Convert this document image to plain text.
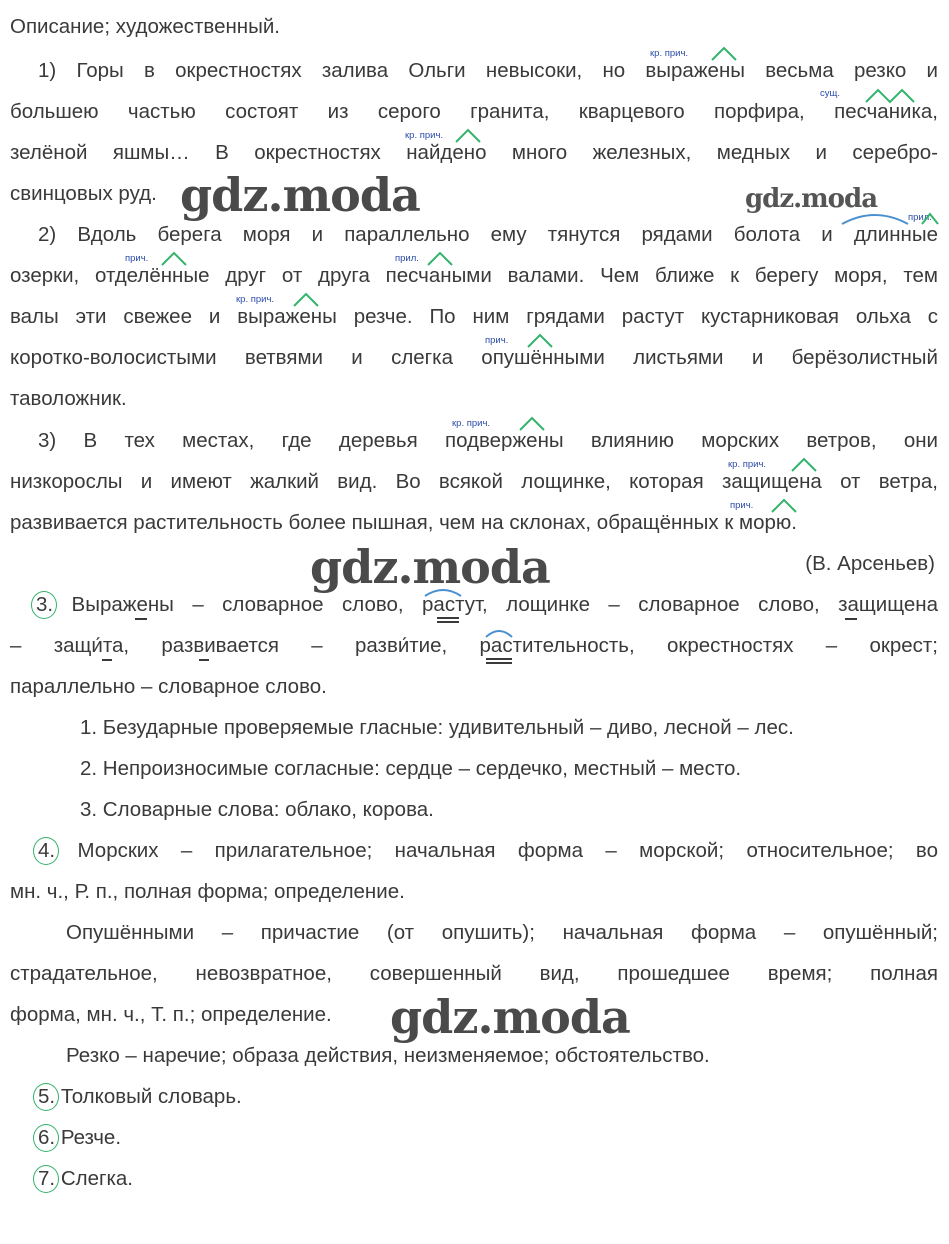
Описание; художественный.
1) Горы в окрестностях залива Ольги невысоки, но выражены весьма резко и
большею частью состоят из серого гранита, кварцевого порфира, песчаника,
зелёной яшмы… В окрестностях найдено много железных, медных и серебро-
свинцовых руд.
2) Вдоль берега моря и параллельно ему тянутся рядами болота и длинные
озерки, отделённые друг от друга песчаными валами. Чем ближе к берегу моря, тем
валы эти свежее и выражены резче. По ним грядами растут кустарниковая ольха с
коротко-волосистыми ветвями и слегка опушёнными листьями и берёзолистный
таволожник.
3) В тех местах, где деревья подвержены влиянию морских ветров, они
низкорослы и имеют жалкий вид. Во всякой лощинке, которая защищена от ветра,
развивается растительность более пышная, чем на склонах, обращённых к морю.
(В. Арсеньев)
3. Выражены – словарное слово, растут, лощинке – словарное слово, защищена
– защи́та, развивается – разви́тие, растительность, окрестностях – окрест;
параллельно – словарное слово.
1. Безударные проверяемые гласные: удивительный – диво, лесной – лес.
2. Непроизносимые согласные: сердце – сердечко, местный – место.
3. Словарные слова: облако, корова.
4. Морских – прилагательное; начальная форма – морской; относительное; во
мн. ч., Р. п., полная форма; определение.
Опушёнными – причастие (от опушить); начальная форма – опушённый;
страдательное, невозвратное, совершенный вид, прошедшее время; полная
форма, мн. ч., Т. п.; определение.
Резко – наречие; образа действия, неизменяемое; обстоятельство.
5. Толковый словарь.
6. Резче.
7. Слегка.
кр. прич.
сущ.
кр. прич.
прил.
прич.	прил.
кр. прич.
прич.
кр. прич.
кр. прич.
прич.
gdz.moda	gdz.moda
gdz.moda
gdz.moda
